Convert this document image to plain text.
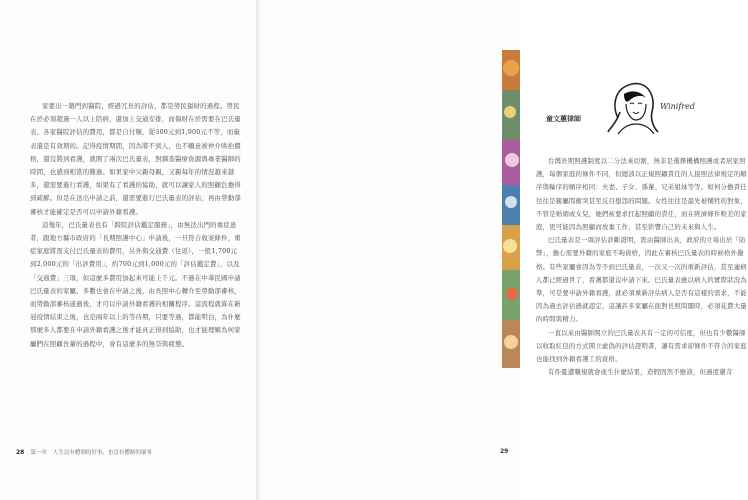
家要出一趟門到醫院，經過冗長的評估，都是勞民傷財的過程。勞民在於必須超過一人以上陪病，還加上交通安排，而傷財在於需要在巴氏量表、各家醫院評估的費用，都是自付額，從300元到1,900元不等，而量表還是有效期的。記得疫情期間，因為將不到人，也不願意被仲介哄抬價格，還沒將到看護，就開了兩次巴氏量表，對調查醫療資源與專業醫師的時間，也感到相當的難過。如果家中父親母親，又親每年的情況越來越多，還需要進行看護，如果有了看護的協助，就可以讓家人的照顧負擔得到疏解。但是在送出申請之前，還需要進行巴氏量表的評估，再由勞動部審核才能確定是否可以申請外籍看護。

這幾年，巴氏量表也有「跨院評估鑑定服務」，由無法出門的重症患者，跟地方縣市政府的「長期照護中心」申請後，一旦符合收案條件，重症家庭將需支付巴氏量表的費用，另外與交通費（往返），一般1,700元到2,000元的「出診費用」，約700元到1,000元的「評估鑑定費」，以及「交通費」三項，但這麼多費用加起來可能上千元。不過在中華民國申請巴氏量表的家屬，多數也會在申請之後，由長照中心轉介至勞動部審核，而勞動部審核通過後，才可以申請外籍看護的相關程序。這流程就算在新冠疫情結束之後，也是兩年以上的等待期，只要等過，都能明白，為什麼那麼多人都要在申請外籍看護之後才能真正得到協助，也才能理解為何家屬們在照顧長輩的過程中，會有這麼多的無奈與疲憊。

28 第一章 人生沒有體制的好事，也沒有體制的壞事
童文蕙律師
Winifred

台灣長期照護制度以二分法來切割，無非是選擇機構照護或者居家照護，每個家庭的條件不同，但總該以正規照顧責任的人接照法律規定的順序與輪序的順序相同：夫妻、子女、孫輩、兄弟姐妹等等。如何分擔責任往往是親屬間衝突甚至反目想怨的問題。女性往往是最先被犧牲的對象，不管是婚姻或女兒，她們被要求扛起照顧的責任，而在經濟條件較差的家庭，更可能因為照顧而放棄工作，甚至影響自己的未來與人生。

巴氏量表是一項評估診斷證明，需由醫師出具，政府的立場出於「防弊」，擔心需要外籍的家庭不夠資格，因此在審核巴氏量表的時候格外嚴格。有些家屬會因為等不到巴氏量表，一次又一次的重新評估，甚至連病人都已經過世了，看護都還沒申請下來。巴氏量表應以病人的實際狀況為準，可是要申請外籍看護，就必須重新評估病人是否有這樣的需求，不能因為過去評估過就認定，這讓許多家屬在面對長照問題時，必須花費大量的時間與精力。

一直以來由醫師開立的巴氏量表具有一定的可信度，但也有少數醫師以收取紅包的方式開立虛偽的評估證明書，讓有需求卻條件不符合的家庭也能找到外籍看護工的資格。

有件憂遭職規就會產生什麼結果，造假固然不應該，但過度嚴苛

29
